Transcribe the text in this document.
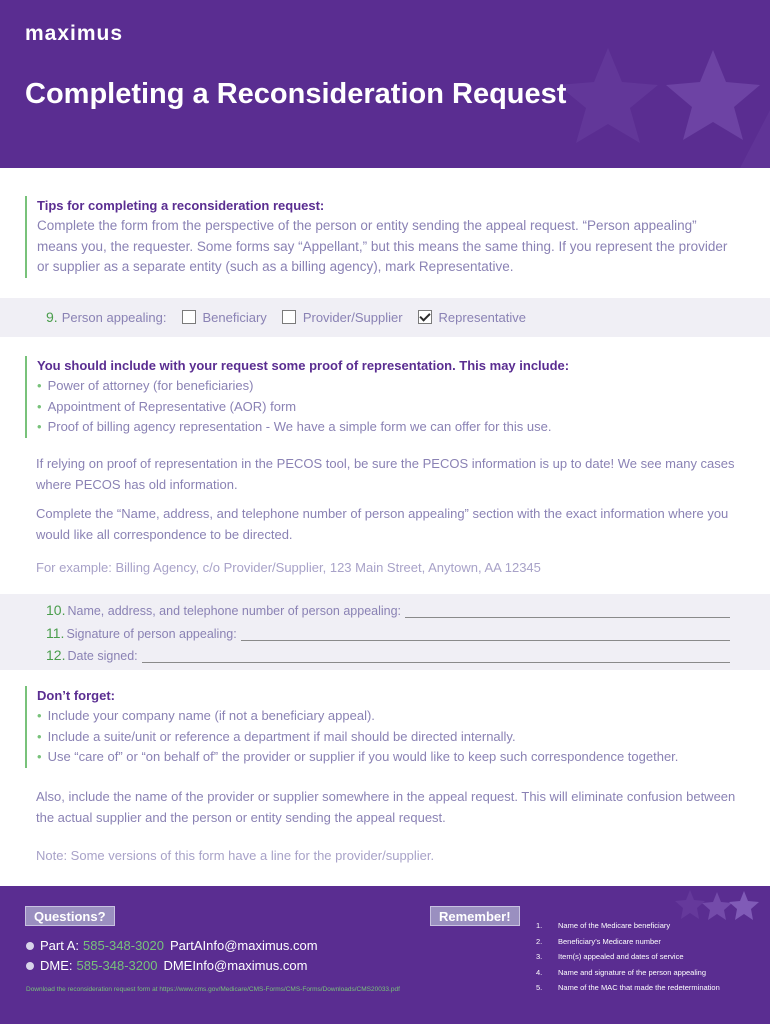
maximus
Completing a Reconsideration Request
Tips for completing a reconsideration request:
Complete the form from the perspective of the person or entity sending the appeal request. “Person appealing” means you, the requester. Some forms say “Appellant,” but this means the same thing. If you represent the provider or supplier as a separate entity (such as a billing agency), mark Representative.
9. Person appealing:	Beneficiary	Provider/Supplier	Representative
You should include with your request some proof of representation. This may include:
• Power of attorney (for beneficiaries)
• Appointment of Representative (AOR) form
• Proof of billing agency representation - We have a simple form we can offer for this use.
If relying on proof of representation in the PECOS tool, be sure the PECOS information is up to date! We see many cases where PECOS has old information.
Complete the “Name, address, and telephone number of person appealing” section with the exact information where you would like all correspondence to be directed.
For example: Billing Agency, c/o Provider/Supplier, 123 Main Street, Anytown, AA 12345
10. Name, address, and telephone number of person appealing:
11. Signature of person appealing:
12. Date signed:
Don’t forget:
• Include your company name (if not a beneficiary appeal).
• Include a suite/unit or reference a department if mail should be directed internally.
• Use “care of” or “on behalf of” the provider or supplier if you would like to keep such correspondence together.
Also, include the name of the provider or supplier somewhere in the appeal request. This will eliminate confusion between the actual supplier and the person or entity sending the appeal request.
Note: Some versions of this form have a line for the provider/supplier.
Questions?
Part A: 585-348-3020 PartAInfo@maximus.com
DME: 585-348-3200 DMEInfo@maximus.com
Download the reconsideration request form at https://www.cms.gov/Medicare/CMS-Forms/CMS-Forms/Downloads/CMS20033.pdf
Remember!
1.	Name of the Medicare beneficiary
2.	Beneficiary’s Medicare number
3.	Item(s) appealed and dates of service
4.	Name and signature of the person appealing
5.	Name of the MAC that made the redetermination
